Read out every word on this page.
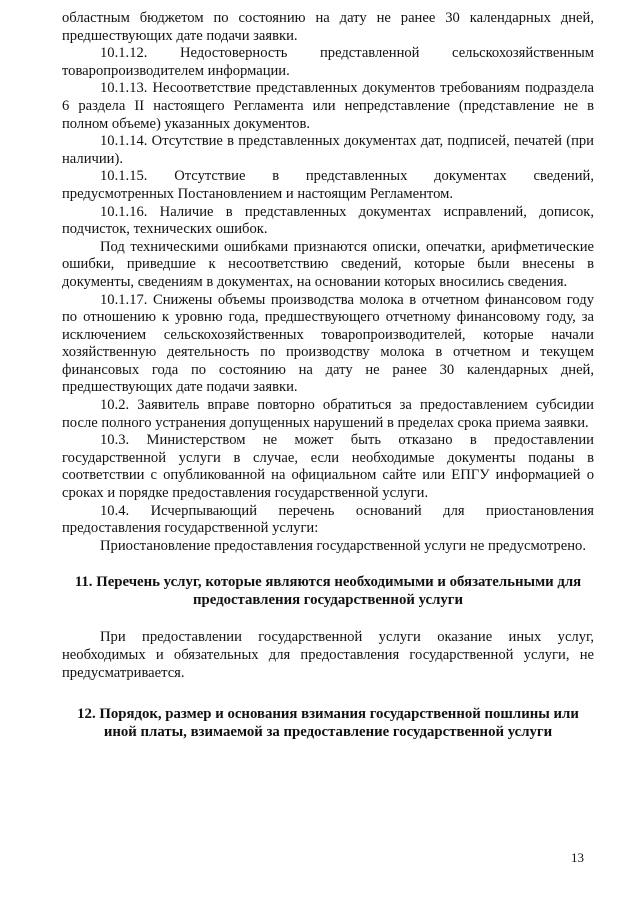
областным бюджетом по состоянию на дату не ранее 30 календарных дней, предшествующих дате подачи заявки.

10.1.12. Недостоверность представленной сельскохозяйственным товаропроизводителем информации.

10.1.13. Несоответствие представленных документов требованиям подраздела 6 раздела II настоящего Регламента или непредставление (представление не в полном объеме) указанных документов.

10.1.14. Отсутствие в представленных документах дат, подписей, печатей (при наличии).

10.1.15. Отсутствие в представленных документах сведений, предусмотренных Постановлением и настоящим Регламентом.

10.1.16. Наличие в представленных документах исправлений, дописок, подчисток, технических ошибок.

Под техническими ошибками признаются описки, опечатки, арифметические ошибки, приведшие к несоответствию сведений, которые были внесены в документы, сведениям в документах, на основании которых вносились сведения.

10.1.17. Снижены объемы производства молока в отчетном финансовом году по отношению к уровню года, предшествующего отчетному финансовому году, за исключением сельскохозяйственных товаропроизводителей, которые начали хозяйственную деятельность по производству молока в отчетном и текущем финансовых года по состоянию на дату не ранее 30 календарных дней, предшествующих дате подачи заявки.

10.2. Заявитель вправе повторно обратиться за предоставлением субсидии после полного устранения допущенных нарушений в пределах срока приема заявки.

10.3. Министерством не может быть отказано в предоставлении государственной услуги в случае, если необходимые документы поданы в соответствии с опубликованной на официальном сайте или ЕПГУ информацией о сроках и порядке предоставления государственной услуги.

10.4. Исчерпывающий перечень оснований для приостановления предоставления государственной услуги:

Приостановление предоставления государственной услуги не предусмотрено.

11. Перечень услуг, которые являются необходимыми и обязательными для предоставления государственной услуги

При предоставлении государственной услуги оказание иных услуг, необходимых и обязательных для предоставления государственной услуги, не предусматривается.

12. Порядок, размер и основания взимания государственной пошлины или иной платы, взимаемой за предоставление государственной услуги
13
